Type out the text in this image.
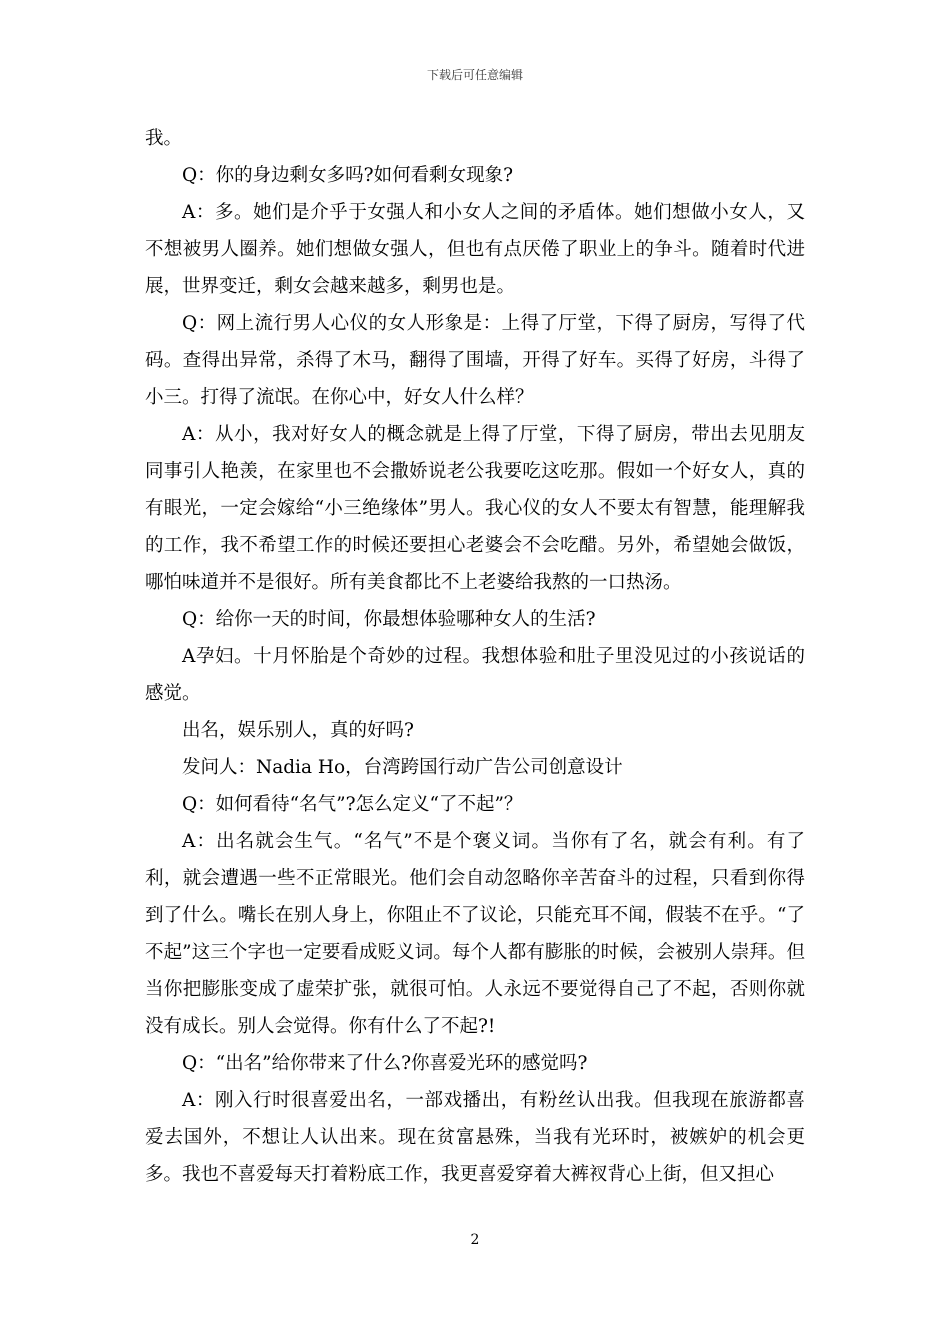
下载后可任意编辑

我。

Q：你的身边剩女多吗?如何看剩女现象?

A：多。她们是介乎于女强人和小女人之间的矛盾体。她们想做小女人，又不想被男人圈养。她们想做女强人，但也有点厌倦了职业上的争斗。随着时代进展，世界变迁，剩女会越来越多，剩男也是。

Q：网上流行男人心仪的女人形象是：上得了厅堂，下得了厨房，写得了代码。查得出异常，杀得了木马，翻得了围墙，开得了好车。买得了好房，斗得了小三。打得了流氓。在你心中，好女人什么样？

A：从小，我对好女人的概念就是上得了厅堂，下得了厨房，带出去见朋友同事引人艳羡，在家里也不会撒娇说老公我要吃这吃那。假如一个好女人，真的有眼光，一定会嫁给“小三绝缘体”男人。我心仪的女人不要太有智慧，能理解我的工作，我不希望工作的时候还要担心老婆会不会吃醋。另外，希望她会做饭，哪怕味道并不是很好。所有美食都比不上老婆给我熬的一口热汤。

Q：给你一天的时间，你最想体验哪种女人的生活?

A孕妇。十月怀胎是个奇妙的过程。我想体验和肚子里没见过的小孩说话的感觉。

出名，娱乐别人，真的好吗?

发问人：Nadia Ho，台湾跨国行动广告公司创意设计

Q：如何看待“名气”?怎么定义“了不起”？

A：出名就会生气。“名气”不是个褒义词。当你有了名，就会有利。有了利，就会遭遇一些不正常眼光。他们会自动忽略你辛苦奋斗的过程，只看到你得到了什么。嘴长在别人身上，你阻止不了议论，只能充耳不闻，假装不在乎。“了不起”这三个字也一定要看成贬义词。每个人都有膨胀的时候，会被别人崇拜。但当你把膨胀变成了虚荣扩张，就很可怕。人永远不要觉得自己了不起，否则你就没有成长。别人会觉得。你有什么了不起?!

Q：“出名”给你带来了什么?你喜爱光环的感觉吗?

A：刚入行时很喜爱出名，一部戏播出，有粉丝认出我。但我现在旅游都喜爱去国外，不想让人认出来。现在贫富悬殊，当我有光环时，被嫉妒的机会更多。我也不喜爱每天打着粉底工作，我更喜爱穿着大裤衩背心上街，但又担心

2
